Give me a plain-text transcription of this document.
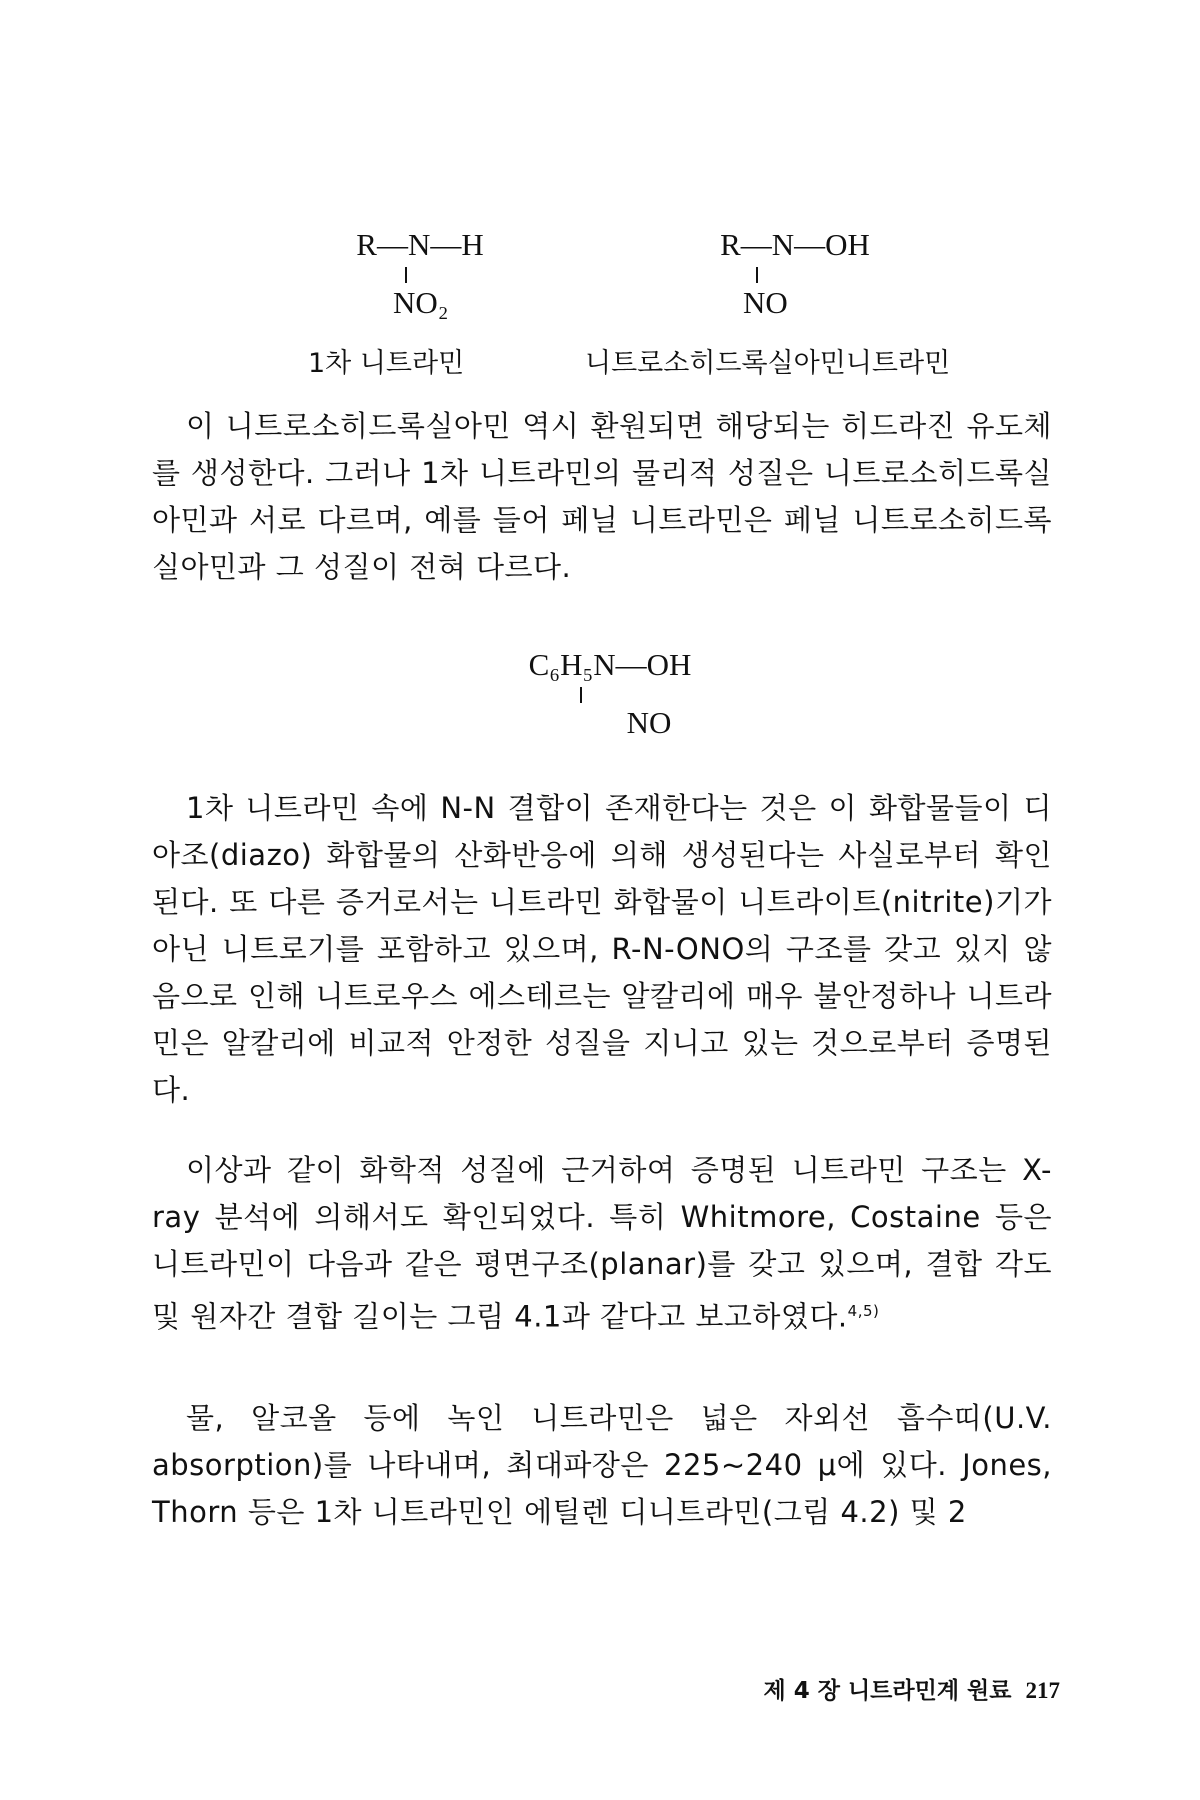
R—N—H
NO₂
1차 니트라민
R—N—OH
NO
니트로소히드록실아민니트라민

이 니트로소히드록실아민 역시 환원되면 해당되는 히드라진 유도체를 생성한다. 그러나 1차 니트라민의 물리적 성질은 니트로소히드록실아민과 서로 다르며, 예를 들어 페닐 니트라민은 페닐 니트로소히드록실아민과 그 성질이 전혀 다르다.

C₆H₅N—OH
NO

1차 니트라민 속에 N-N 결합이 존재한다는 것은 이 화합물들이 디아조(diazo) 화합물의 산화반응에 의해 생성된다는 사실로부터 확인된다. 또 다른 증거로서는 니트라민 화합물이 니트라이트(nitrite)기가 아닌 니트로기를 포함하고 있으며, R-N-ONO의 구조를 갖고 있지 않음으로 인해 니트로우스 에스테르는 알칼리에 매우 불안정하나 니트라민은 알칼리에 비교적 안정한 성질을 지니고 있는 것으로부터 증명된다.

이상과 같이 화학적 성질에 근거하여 증명된 니트라민 구조는 X-ray 분석에 의해서도 확인되었다. 특히 Whitmore, Costaine 등은 니트라민이 다음과 같은 평면구조(planar)를 갖고 있으며, 결합 각도 및 원자간 결합 길이는 그림 4.1과 같다고 보고하였다.$^{4,5)}$

물, 알코올 등에 녹인 니트라민은 넓은 자외선 흡수띠(U.V. absorption)를 나타내며, 최대파장은 225~240 μ에 있다. Jones, Thorn 등은 1차 니트라민인 에틸렌 디니트라민(그림 4.2) 및 2

제 4 장 니트라민계 원료 217
